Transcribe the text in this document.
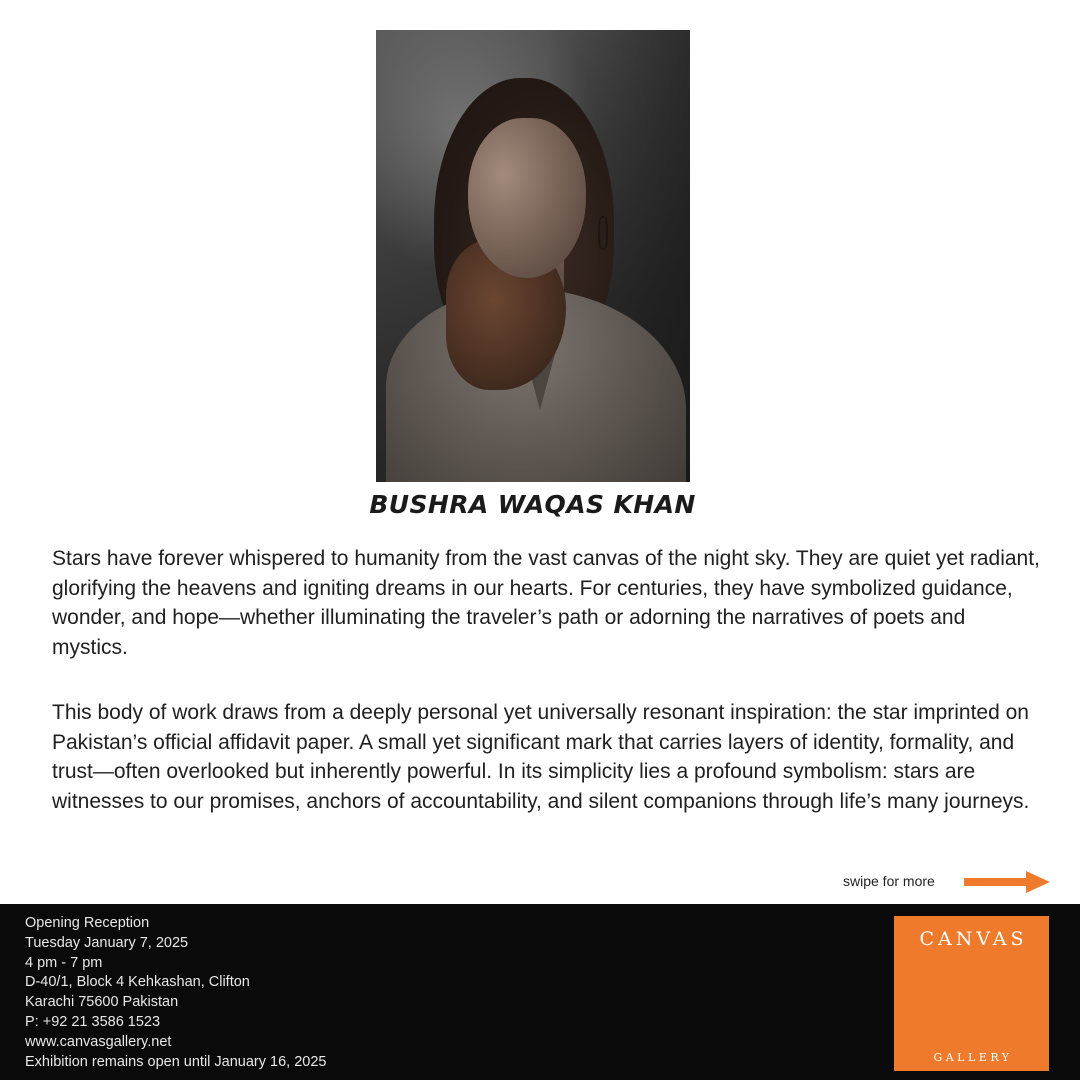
BUSHRA WAQAS KHAN

Stars have forever whispered to humanity from the vast canvas of the night sky. They are quiet yet radiant, glorifying the heavens and igniting dreams in our hearts. For centuries, they have symbolized guidance, wonder, and hope—whether illuminating the traveler’s path or adorning the narratives of poets and mystics.

This body of work draws from a deeply personal yet universally resonant inspiration: the star imprinted on Pakistan’s official affidavit paper. A small yet significant mark that carries layers of identity, formality, and trust—often overlooked but inherently powerful. In its simplicity lies a profound symbolism: stars are witnesses to our promises, anchors of accountability, and silent companions through life’s many journeys.

swipe for more
Opening Reception
Tuesday January 7, 2025
4 pm - 7 pm
D-40/1, Block 4 Kehkashan, Clifton
Karachi 75600 Pakistan
P: +92 21 3586 1523
www.canvasgallery.net
Exhibition remains open until January 16, 2025
CANVAS
GALLERY
